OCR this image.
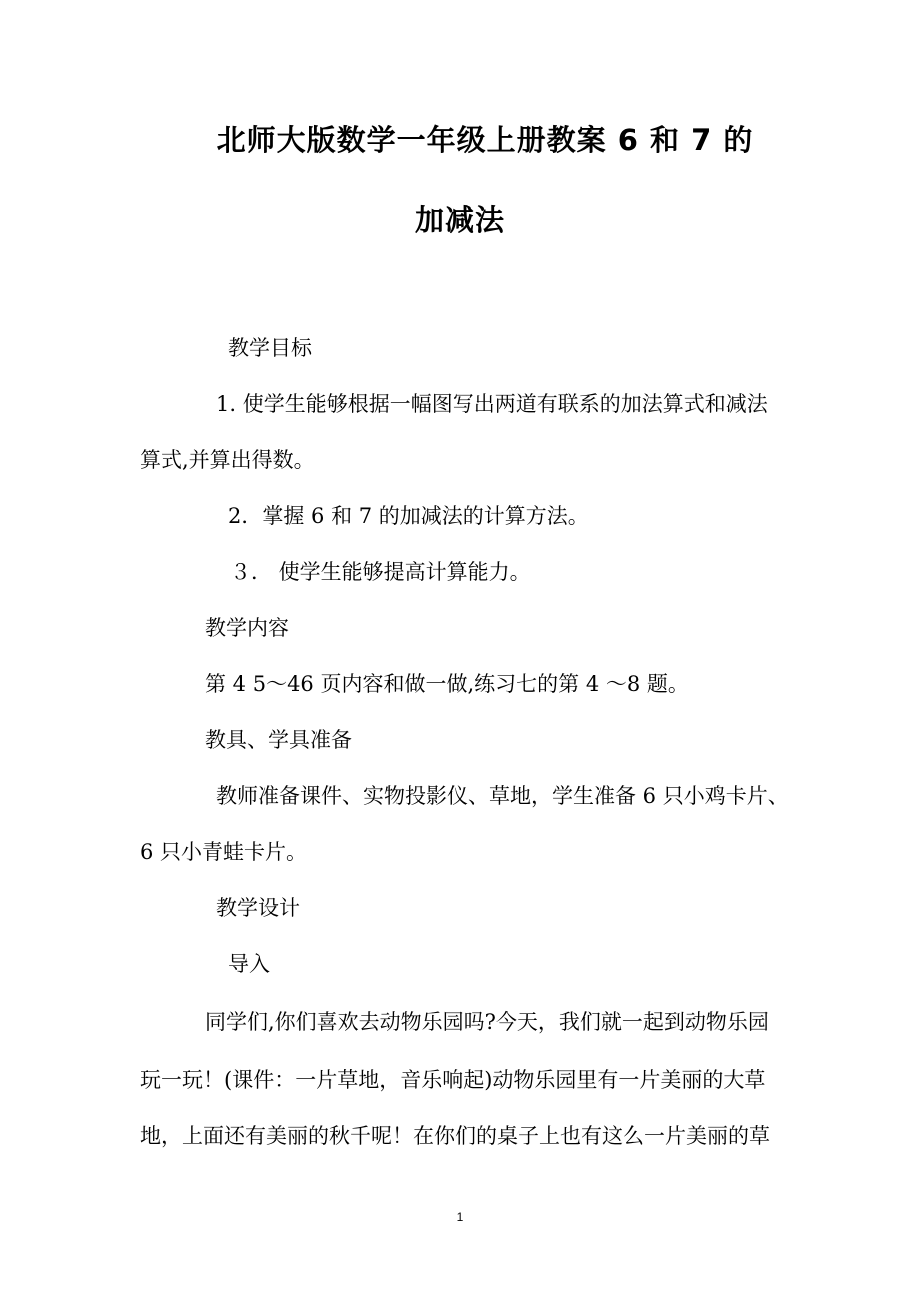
北师大版数学一年级上册教案 6 和 7 的
加减法
教学目标
1. 使学生能够根据一幅图写出两道有联系的加法算式和减法
算式,并算出得数。
2．掌握 6 和 7 的加减法的计算方法。
３． 使学生能够提高计算能力。
教学内容
第 4 5～46 页内容和做一做,练习七的第 4 ～8 题。
教具、学具准备
教师准备课件、实物投影仪、草地，学生准备 6 只小鸡卡片、
6 只小青蛙卡片。
教学设计
导入
同学们,你们喜欢去动物乐园吗?今天，我们就一起到动物乐园
玩一玩！(课件：一片草地，音乐响起)动物乐园里有一片美丽的大草
地，上面还有美丽的秋千呢！在你们的桌子上也有这么一片美丽的草
1
